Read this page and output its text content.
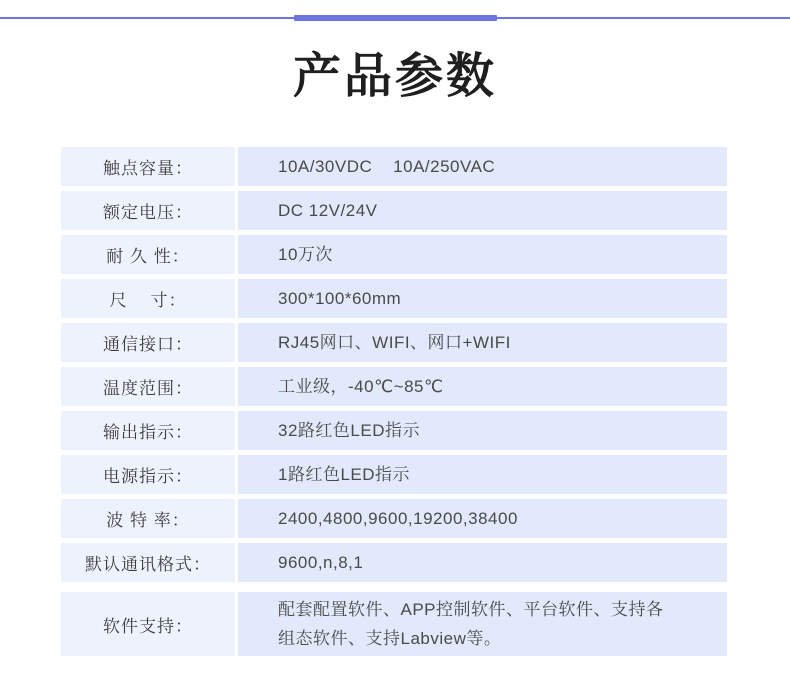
产品参数
触点容量：	10A/30VDC    10A/250VAC
额定电压：	DC 12V/24V
耐 久 性：	10万次
尺    寸：	300*100*60mm
通信接口：	RJ45网口、WIFI、网口+WIFI
温度范围：	工业级，-40℃~85℃
输出指示：	32路红色LED指示
电源指示：	1路红色LED指示
波 特 率：	2400,4800,9600,19200,38400
默认通讯格式：	9600,n,8,1
软件支持：
配套配置软件、APP控制软件、平台软件、支持各组态软件、支持Labview等。
